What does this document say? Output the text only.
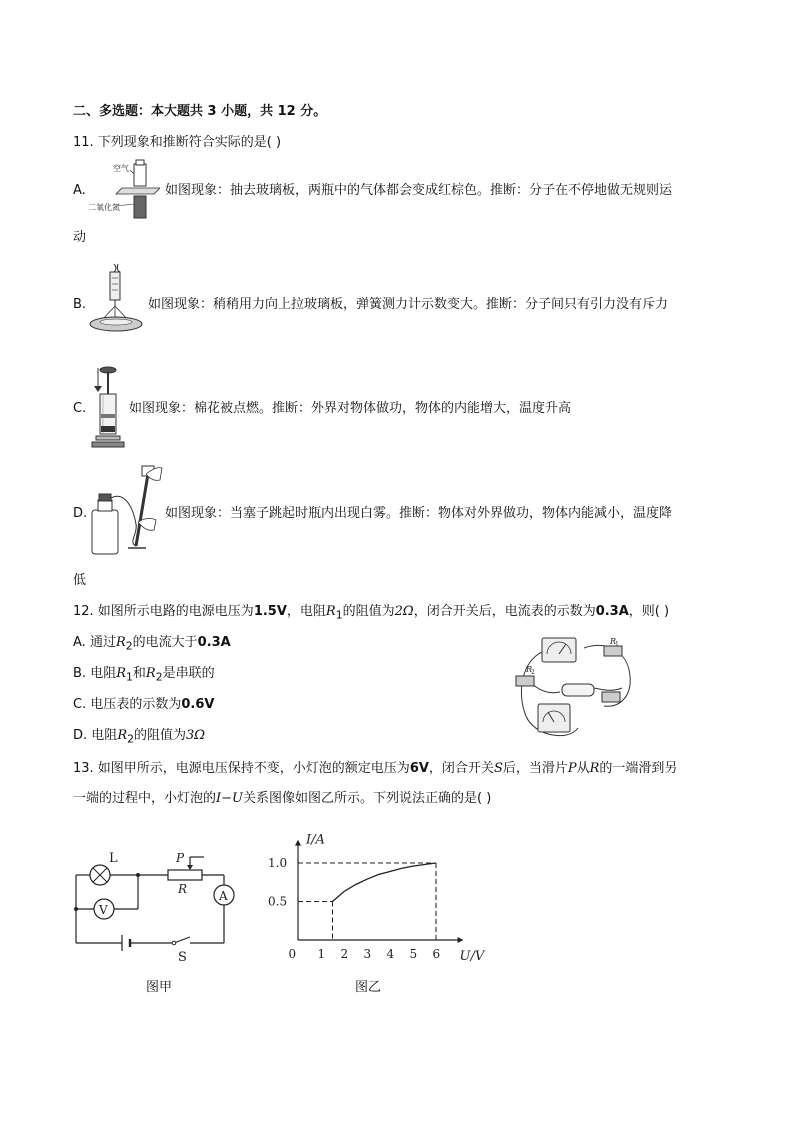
二、多选题：本大题共 3 小题，共 12 分。
11. 下列现象和推断符合实际的是( )
A.
空气
二氧化氮
如图现象：抽去玻璃板，两瓶中的气体都会变成红棕色。推断：分子在不停地做无规则运
动
B.	如图现象：稍稍用力向上拉玻璃板，弹簧测力计示数变大。推断：分子间只有引力没有斥力
C.	如图现象：棉花被点燃。推断：外界对物体做功，物体的内能增大，温度升高
D.	如图现象：当塞子跳起时瓶内出现白雾。推断：物体对外界做功，物体内能减小，温度降
低
12. 如图所示电路的电源电压为1.5V，电阻$R_1$的阻值为2Ω，闭合开关后，电流表的示数为0.3A，则( )
A. 通过$R_2$的电流大于0.3A
B. 电阻$R_1$和$R_2$是串联的
C. 电压表的示数为0.6V
D. 电阻$R_2$的阻值为3Ω
R
1
R
2
13. 如图甲所示，电源电压保持不变，小灯泡的额定电压为6V，闭合开关S后，当滑片P从R的一端滑到另
一端的过程中，小灯泡的I−U关系图像如图乙所示。下列说法正确的是( )
L
V
P
R	A
S
图甲
I/A
U/V
0 1 2 3 4 5 6
0.5
1.0
图乙
